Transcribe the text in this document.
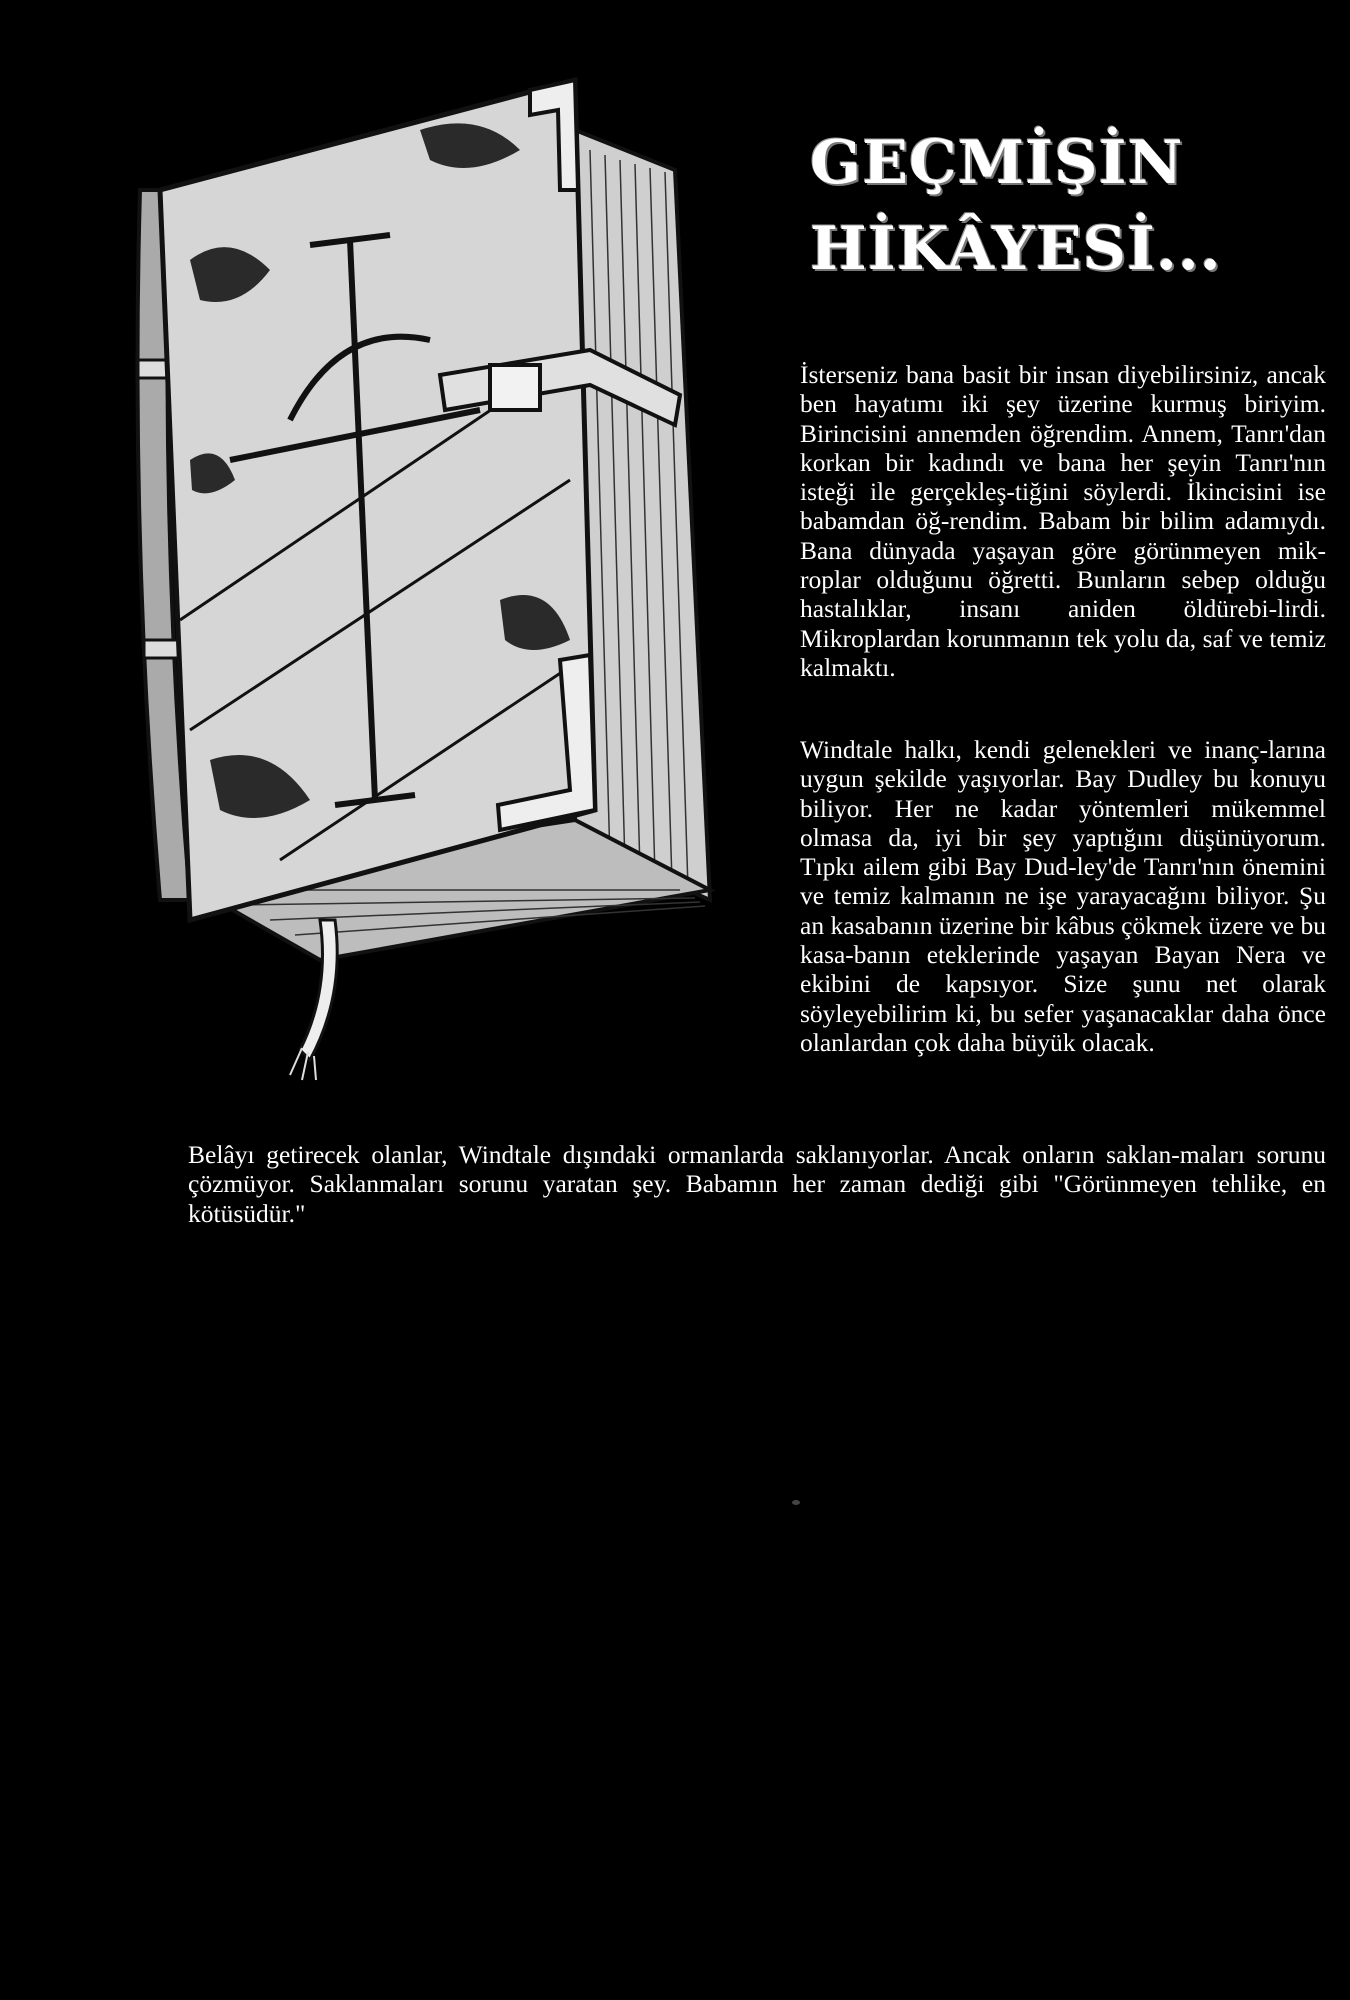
GEÇMİŞİN
HİKÂYESİ...

İsterseniz bana basit bir insan diyebilirsiniz, ancak ben hayatımı iki şey üzerine kurmuş biriyim. Birincisini annemden öğrendim. Annem, Tanrı'dan korkan bir kadındı ve bana her şeyin Tanrı'nın isteği ile gerçekleş-tiğini söylerdi. İkincisini ise babamdan öğ-rendim. Babam bir bilim adamıydı. Bana dünyada yaşayan göre görünmeyen mik-roplar olduğunu öğretti. Bunların sebep olduğu hastalıklar, insanı aniden öldürebi-lirdi. Mikroplardan korunmanın tek yolu da, saf ve temiz kalmaktı.

Windtale halkı, kendi gelenekleri ve inanç-larına uygun şekilde yaşıyorlar. Bay Dudley bu konuyu biliyor. Her ne kadar yöntemleri mükemmel olmasa da, iyi bir şey yaptığını düşünüyorum. Tıpkı ailem gibi Bay Dud-ley'de Tanrı'nın önemini ve temiz kalmanın ne işe yarayacağını biliyor. Şu an kasabanın üzerine bir kâbus çökmek üzere ve bu kasa-banın eteklerinde yaşayan Bayan Nera ve ekibini de kapsıyor. Size şunu net olarak söyleyebilirim ki, bu sefer yaşanacaklar daha önce olanlardan çok daha büyük olacak.

Belâyı getirecek olanlar, Windtale dışındaki ormanlarda saklanıyorlar. Ancak onların saklan-maları sorunu çözmüyor. Saklanmaları sorunu yaratan şey. Babamın her zaman dediği gibi "Görünmeyen tehlike, en kötüsüdür."
